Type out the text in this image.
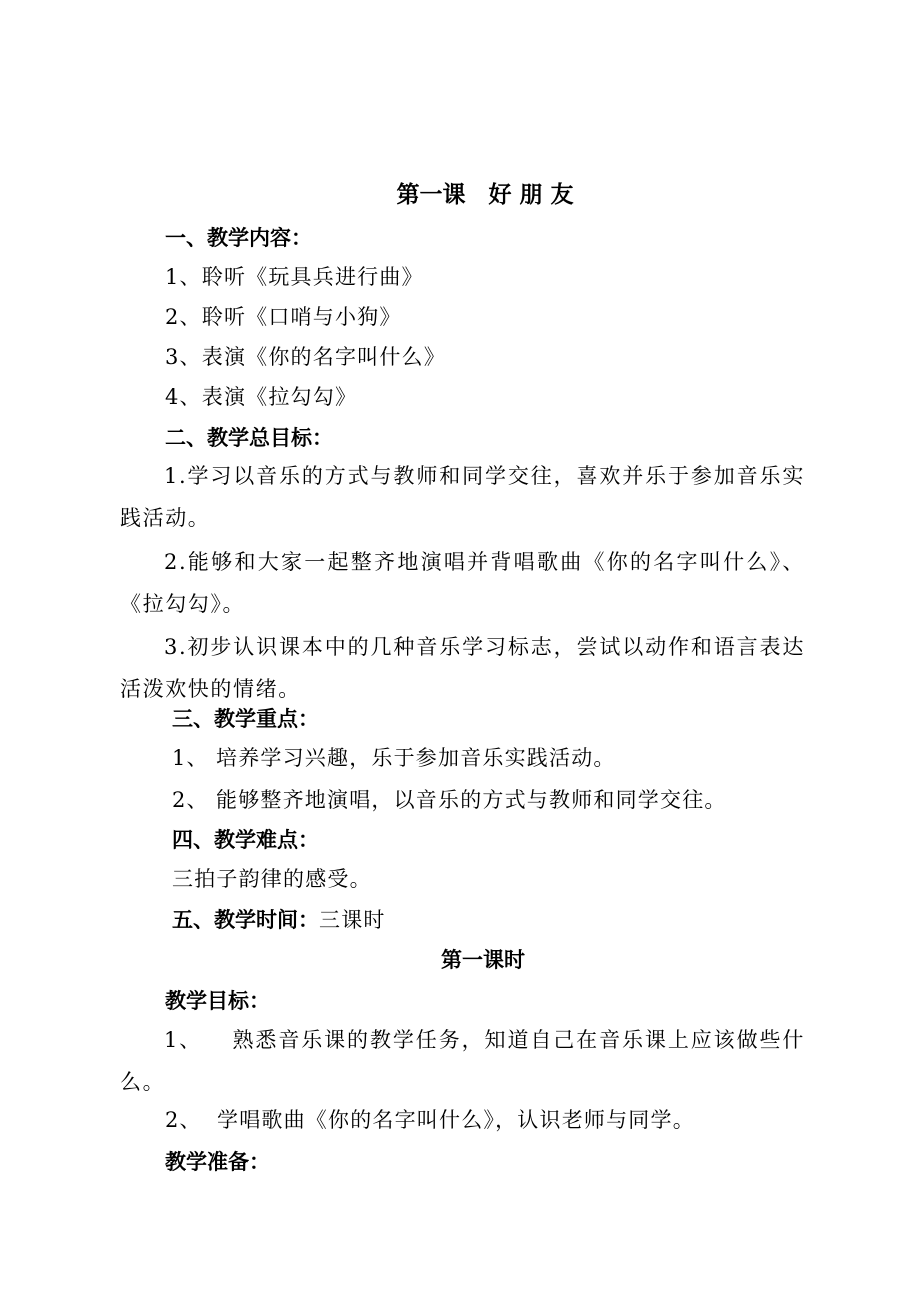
第一课　好 朋 友
一、教学内容：
1、聆听《玩具兵进行曲》
2、聆听《口哨与小狗》
3、表演《你的名字叫什么》
4、表演《拉勾勾》
二、教学总目标：
1.学习以音乐的方式与教师和同学交往，喜欢并乐于参加音乐实践活动。
2.能够和大家一起整齐地演唱并背唱歌曲《你的名字叫什么》、《拉勾勾》。
3.初步认识课本中的几种音乐学习标志，尝试以动作和语言表达活泼欢快的情绪。
三、教学重点：
1、 培养学习兴趣，乐于参加音乐实践活动。
2、 能够整齐地演唱，以音乐的方式与教师和同学交往。
四、教学难点：
三拍子韵律的感受。
五、教学时间：三课时
第一课时
教学目标：
1、 熟悉音乐课的教学任务，知道自己在音乐课上应该做些什么。
2、 学唱歌曲《你的名字叫什么》，认识老师与同学。
教学准备：
